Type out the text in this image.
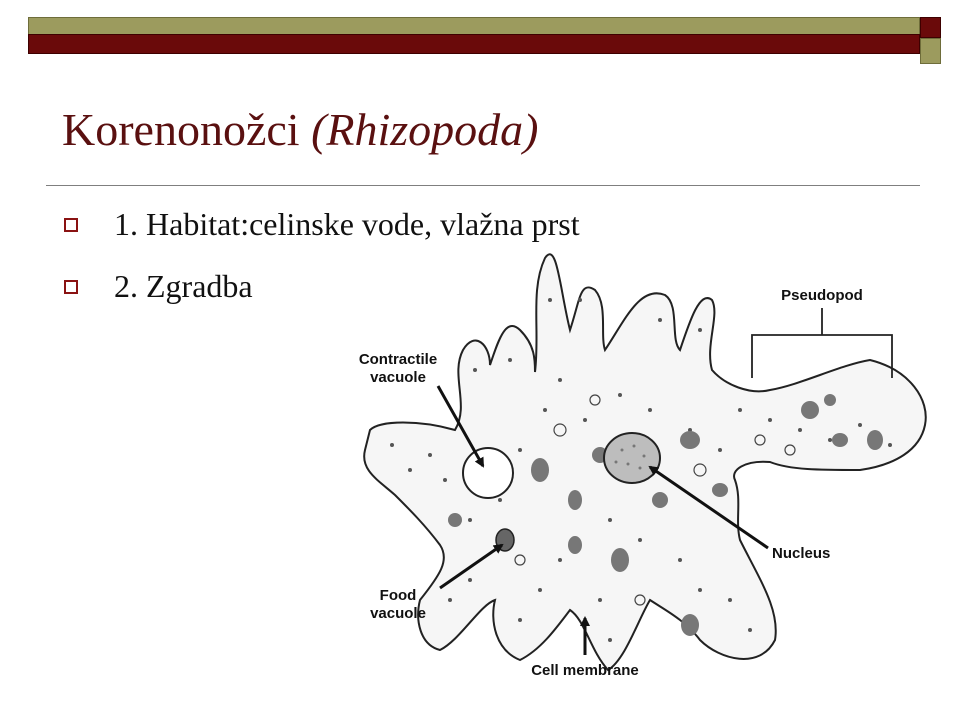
Korenonožci (Rhizopoda)
1. Habitat:celinske vode, vlažna prst
2. Zgradba	Pseudopod
Contractile
vacuole
Nucleus
Food
vacuole
Cell membrane
